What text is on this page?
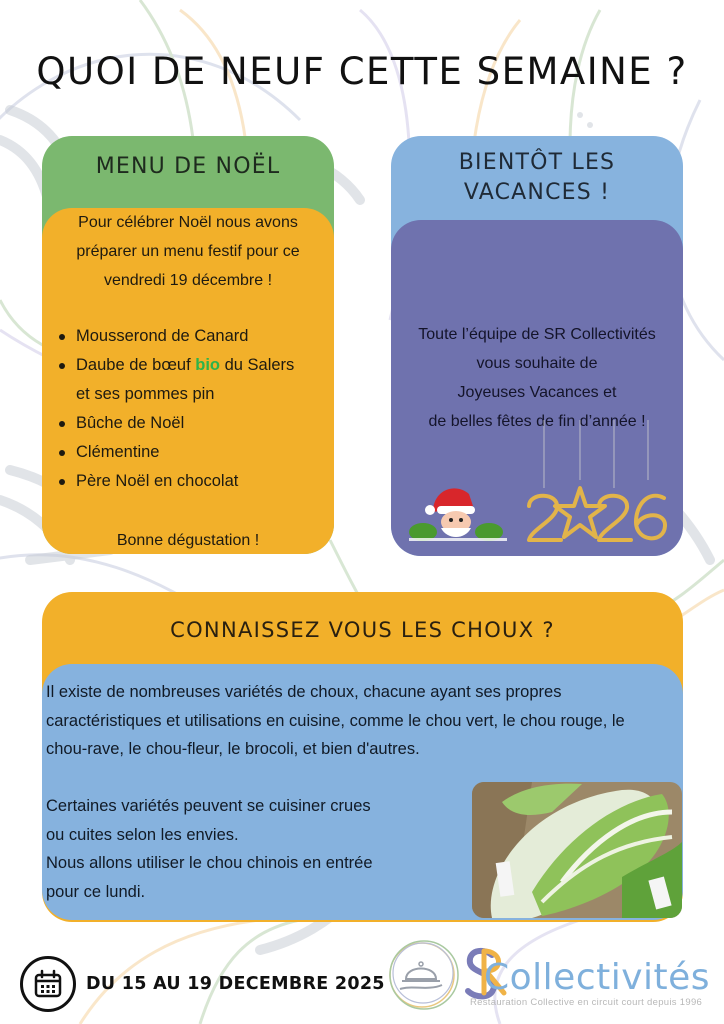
QUOI DE NEUF CETTE SEMAINE ?
MENU DE NOËL
Pour célébrer Noël nous avons
préparer un menu festif pour ce
vendredi 19 décembre !
Mousserond de Canard
Daube de bœuf bio du Salers et ses pommes pin
Bûche de Noël
Clémentine
Père Noël en chocolat
Bonne dégustation !
BIENTÔT LES
VACANCES !
Toute l’équipe de SR Collectivités
vous souhaite de
Joyeuses Vacances et
de belles fêtes de fin d’année !
CONNAISSEZ VOUS LES CHOUX ?

Il existe de nombreuses variétés de choux, chacune ayant ses propres caractéristiques et utilisations en cuisine, comme le chou vert, le chou rouge, le chou-rave, le chou-fleur, le brocoli, et bien d'autres.

Certaines variétés peuvent se cuisiner crues
ou cuites selon les envies.
Nous allons utiliser le chou chinois en entrée
pour ce lundi.
DU 15 AU 19 DECEMBRE 2025	Collectivités
Restauration Collective en circuit court depuis 1996
